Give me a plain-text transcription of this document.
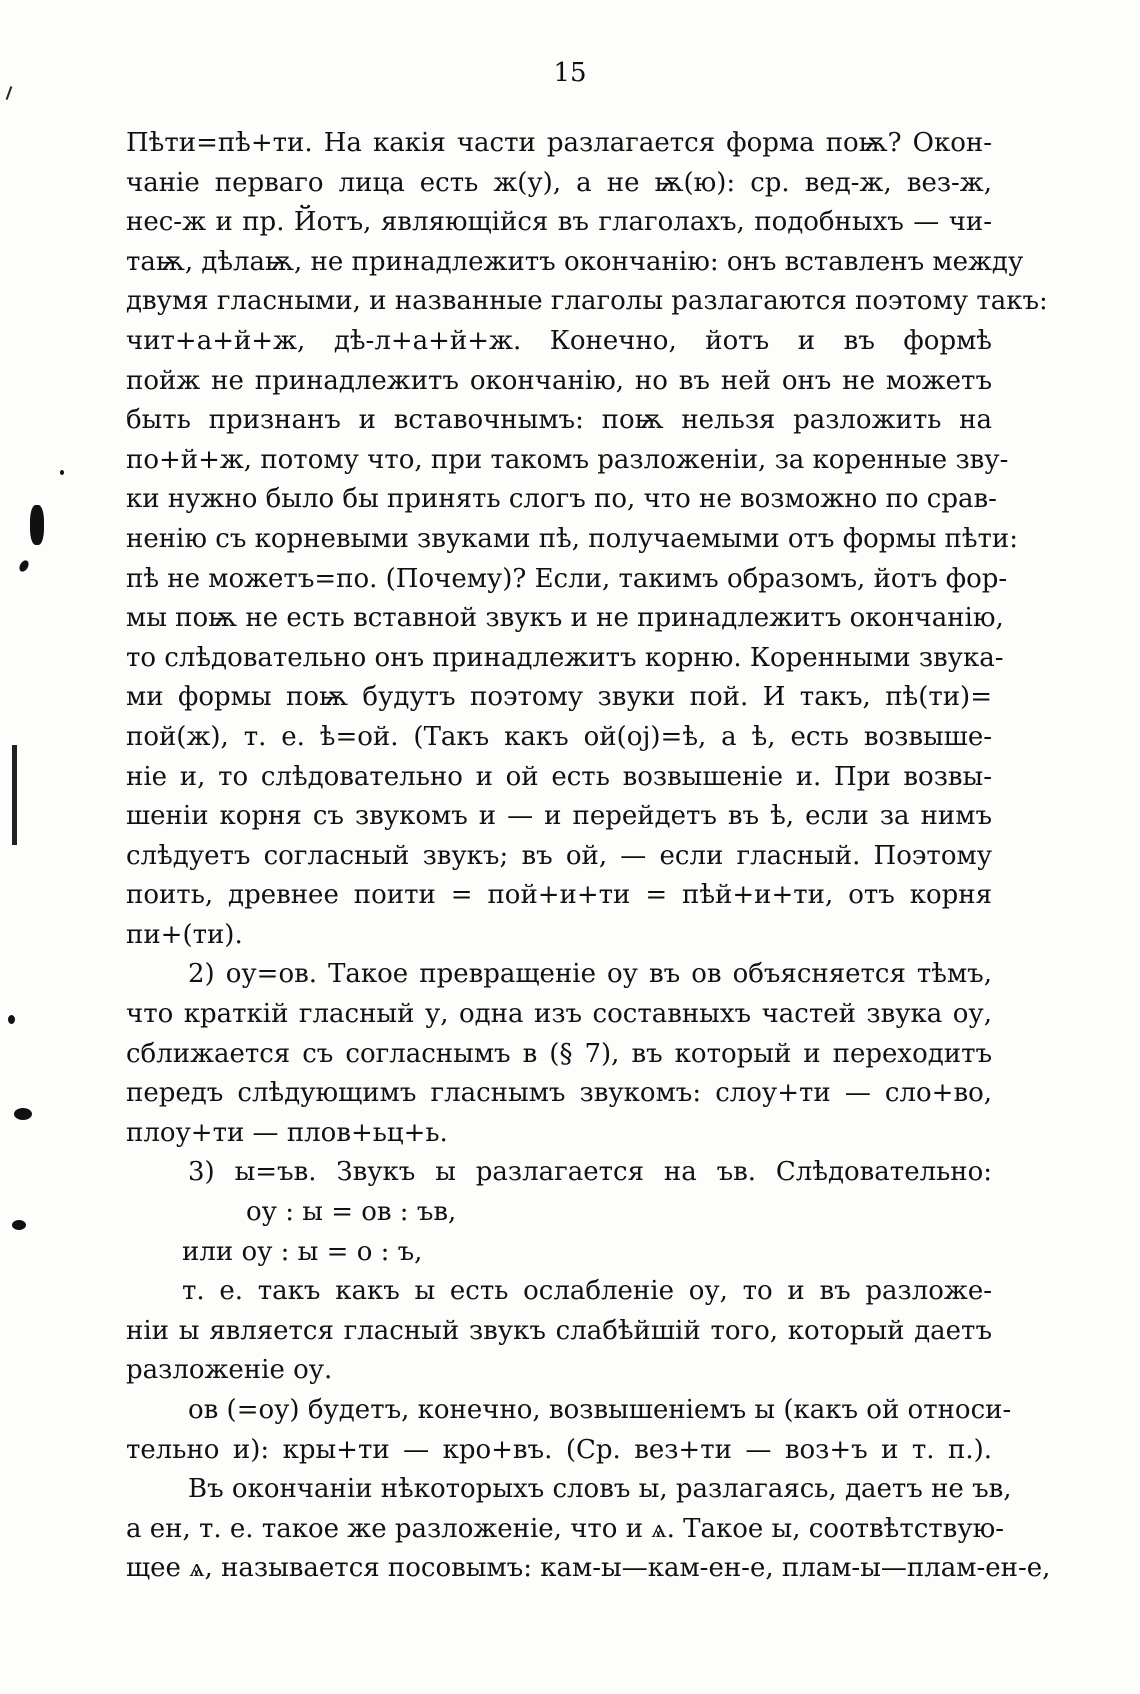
15
Пѣти=пѣ+ти. На какія части разлагается форма поѭ? Окон-
чаніе перваго лица есть ж(у), а не ѭ(ю): ср. вед-ж, вез-ж,
нес-ж и пр. Йотъ, являющійся въ глаголахъ, подобныхъ — чи-
таѭ, дѣлаѭ, не принадлежитъ окончанію: онъ вставленъ между
двумя гласными, и названные глаголы разлагаются поэтому такъ:
чит+а+й+ж, дѣ-л+а+й+ж. Конечно, йотъ и въ формѣ
пойж не принадлежитъ окончанію, но въ ней онъ не можетъ
быть признанъ и вставочнымъ: поѭ нельзя разложить на
по+й+ж, потому что, при такомъ разложеніи, за коренные зву-
ки нужно было бы принять слогъ по, что не возможно по срав-
ненію съ корневыми звуками пѣ, получаемыми отъ формы пѣти:
пѣ не можетъ=по. (Почему)? Если, такимъ образомъ, йотъ фор-
мы поѭ не есть вставной звукъ и не принадлежитъ окончанію,
то слѣдовательно онъ принадлежитъ корню. Коренными звука-
ми формы поѭ будутъ поэтому звуки пой. И такъ, пѣ(ти)=
пой(ж), т. е. ѣ=ой. (Такъ какъ ой(оj)=ѣ, а ѣ, есть возвыше-
ніе и, то слѣдовательно и ой есть возвышеніе и. При возвы-
шеніи корня съ звукомъ и — и перейдетъ въ ѣ, если за нимъ
слѣдуетъ согласный звукъ; въ ой, — если гласный. Поэтому
поить, древнее поити = пой+и+ти = пѣй+и+ти, отъ корня
пи+(ти).
2) оу=ов. Такое превращеніе оу въ ов объясняется тѣмъ,
что краткій гласный у, одна изъ составныхъ частей звука оу,
сближается съ согласнымъ в (§ 7), въ который и переходитъ
передъ слѣдующимъ гласнымъ звукомъ: слоу+ти — сло+во,
плоу+ти — плов+ьц+ь.
3) ы=ъв. Звукъ ы разлагается на ъв. Слѣдовательно:
оу : ы = ов : ъв,
или оу : ы = о : ъ,
т. е. такъ какъ ы есть ослабленіе оу, то и въ разложе-
ніи ы является гласный звукъ слабѣйшій того, который даетъ
разложеніе оу.
ов (=оу) будетъ, конечно, возвышеніемъ ы (какъ ой относи-
тельно и): кры+ти — кро+въ. (Ср. вез+ти — воз+ъ и т. п.).
Въ окончаніи нѣкоторыхъ словъ ы, разлагаясь, даетъ не ъв,
а ен, т. е. такое же разложеніе, что и ѧ. Такое ы, соотвѣтствую-
щее ѧ, называется посовымъ: кам-ы—кам-ен-е, плам-ы—плам-ен-е,
